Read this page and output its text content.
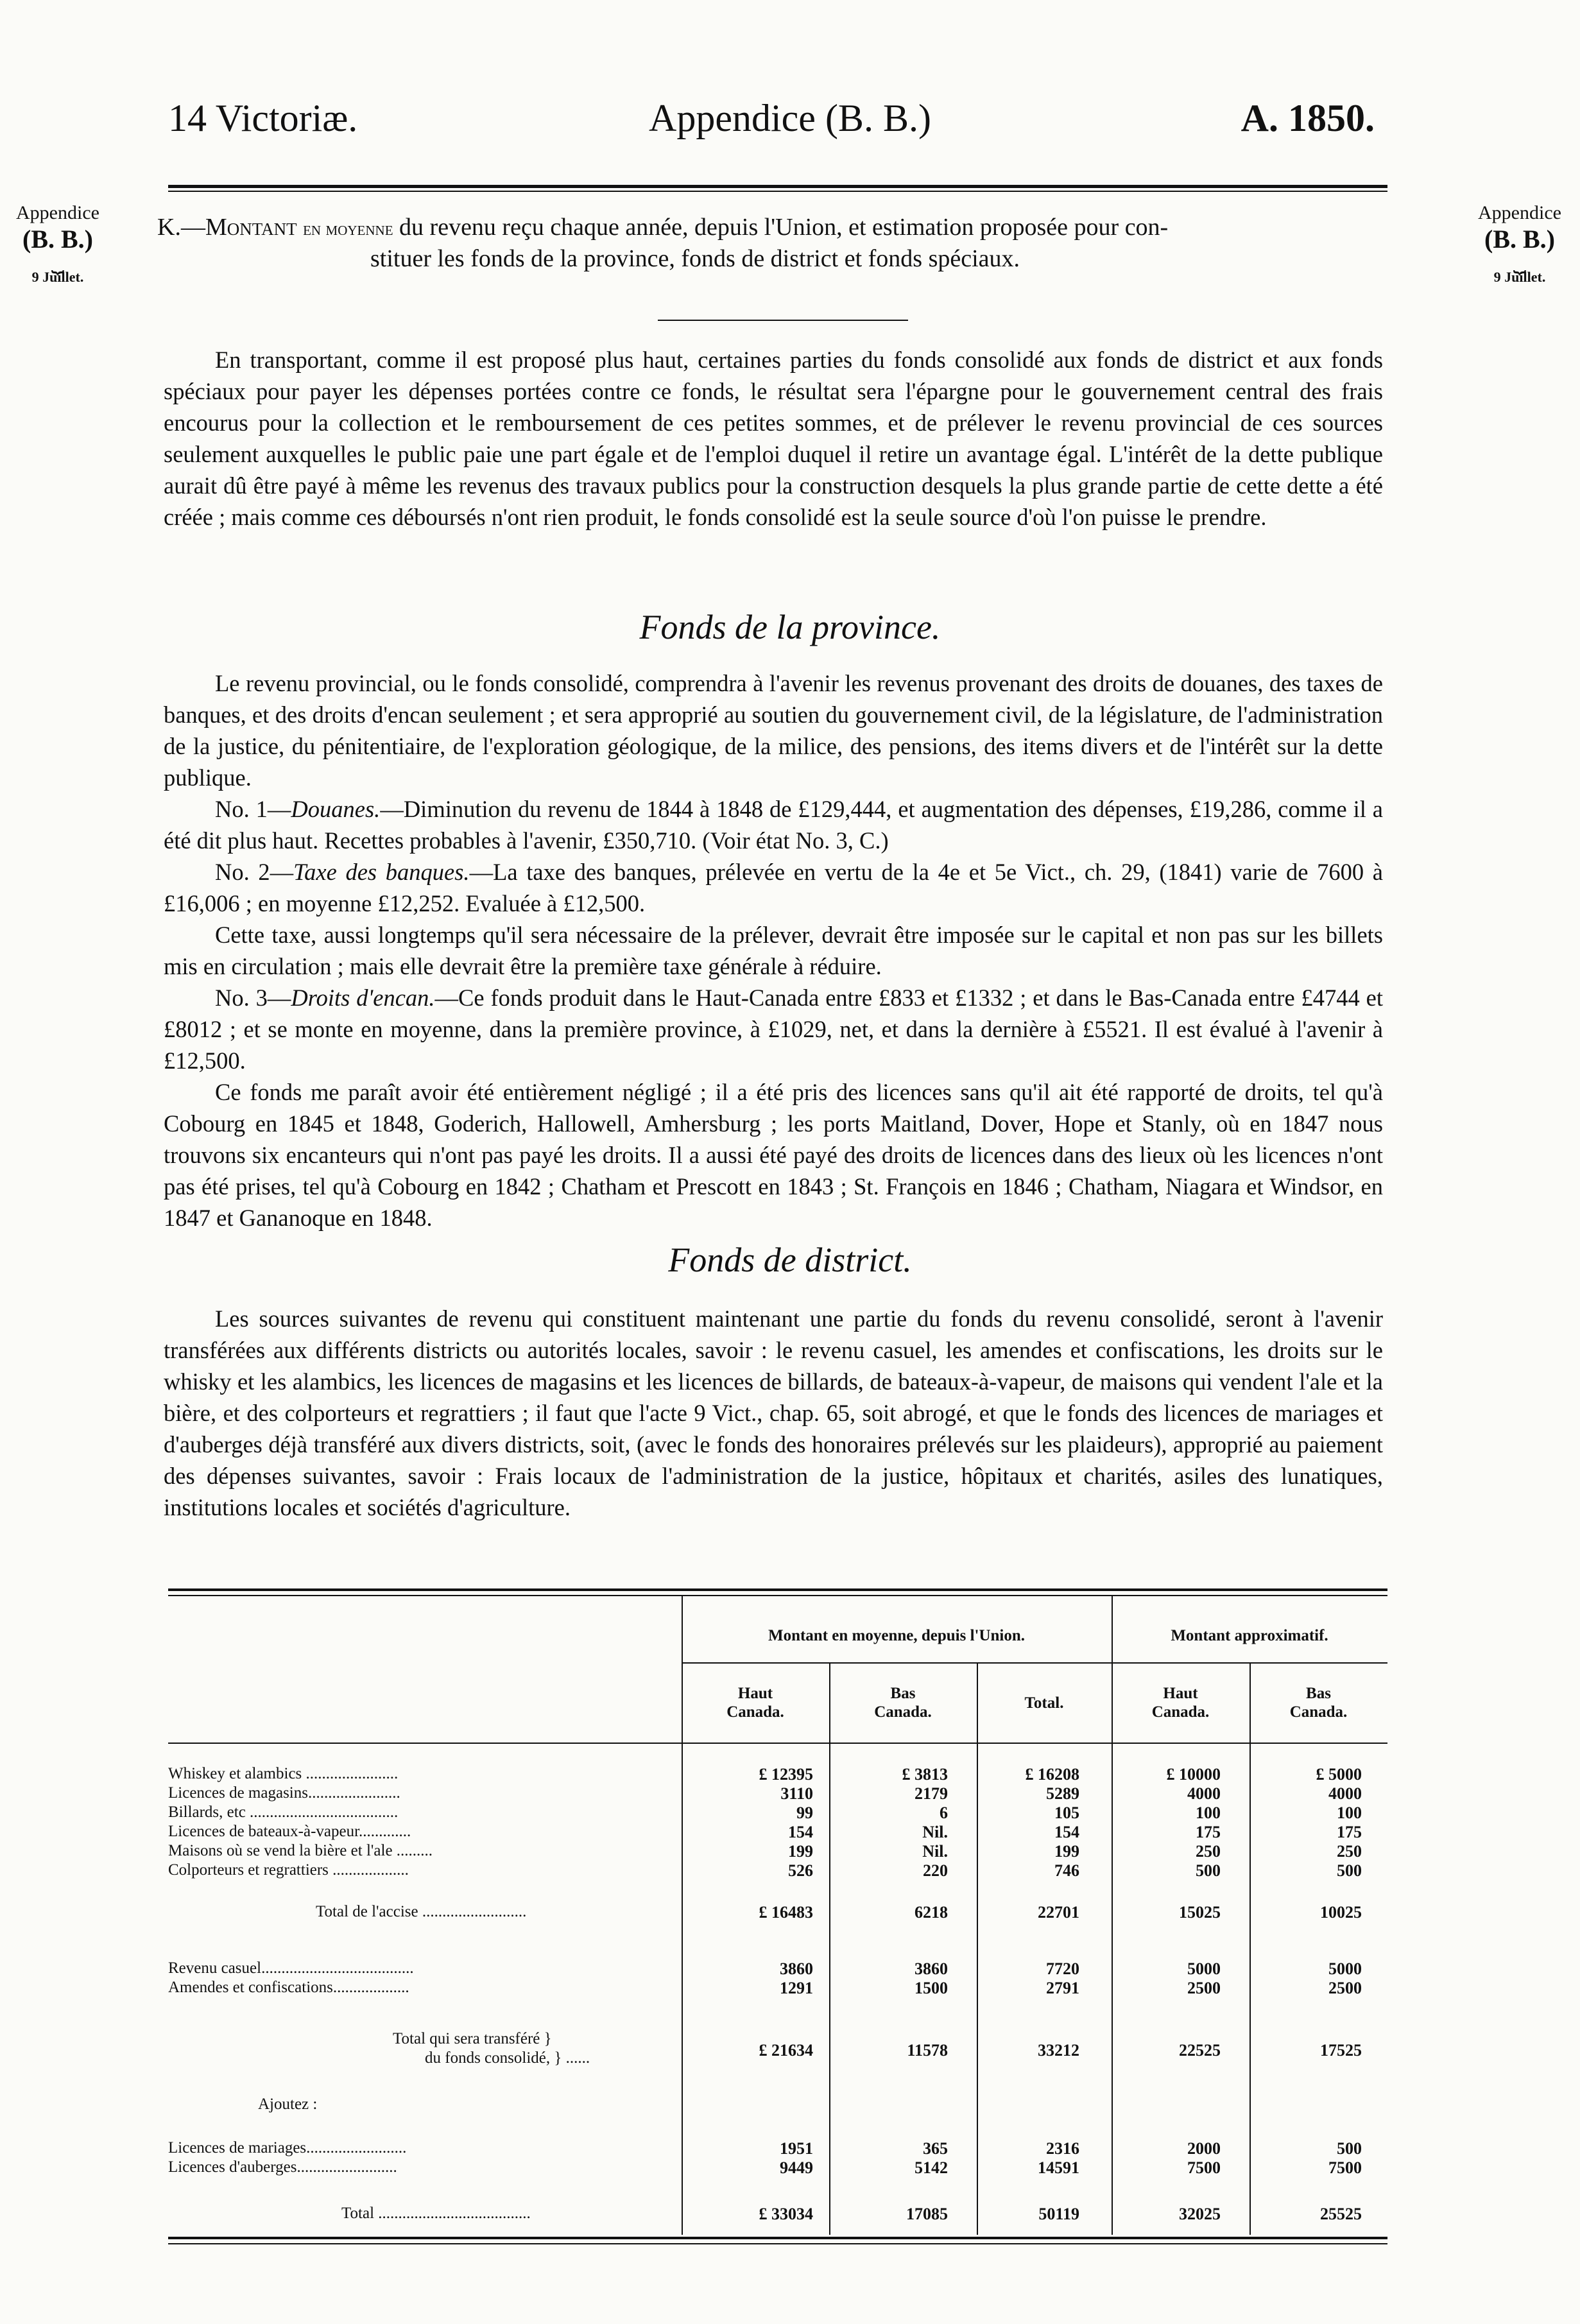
14 Victoriæ.	Appendice (B. B.)	A. 1850.
Appendice
(B. B.)
⏟
9 Juillet.
Appendice
(B. B.)
⏟
9 Juillet.
K.—Montant en moyenne du revenu reçu chaque année, depuis l'Union, et estimation proposée pour con-
stituer les fonds de la province, fonds de district et fonds spéciaux.

En transportant, comme il est proposé plus haut, certaines parties du fonds consolidé aux fonds de district et aux fonds spéciaux pour payer les dépenses portées contre ce fonds, le résultat sera l'épargne pour le gouvernement central des frais encourus pour la collection et le remboursement de ces petites sommes, et de prélever le revenu provincial de ces sources seulement auxquelles le public paie une part égale et de l'emploi duquel il retire un avantage égal. L'intérêt de la dette publique aurait dû être payé à même les revenus des travaux publics pour la construction desquels la plus grande partie de cette dette a été créée ; mais comme ces déboursés n'ont rien produit, le fonds consolidé est la seule source d'où l'on puisse le prendre.

Fonds de la province.

Le revenu provincial, ou le fonds consolidé, comprendra à l'avenir les revenus provenant des droits de douanes, des taxes de banques, et des droits d'encan seulement ; et sera approprié au soutien du gouvernement civil, de la législature, de l'administration de la justice, du pénitentiaire, de l'exploration géologique, de la milice, des pensions, des items divers et de l'intérêt sur la dette publique.

No. 1—Douanes.—Diminution du revenu de 1844 à 1848 de £129,444, et augmentation des dépenses, £19,286, comme il a été dit plus haut. Recettes probables à l'avenir, £350,710. (Voir état No. 3, C.)

No. 2—Taxe des banques.—La taxe des banques, prélevée en vertu de la 4e et 5e Vict., ch. 29, (1841) varie de 7600 à £16,006 ; en moyenne £12,252. Evaluée à £12,500.

Cette taxe, aussi longtemps qu'il sera nécessaire de la prélever, devrait être imposée sur le capital et non pas sur les billets mis en circulation ; mais elle devrait être la première taxe générale à réduire.

No. 3—Droits d'encan.—Ce fonds produit dans le Haut-Canada entre £833 et £1332 ; et dans le Bas-Canada entre £4744 et £8012 ; et se monte en moyenne, dans la première province, à £1029, net, et dans la dernière à £5521. Il est évalué à l'avenir à £12,500.

Ce fonds me paraît avoir été entièrement négligé ; il a été pris des licences sans qu'il ait été rapporté de droits, tel qu'à Cobourg en 1845 et 1848, Goderich, Hallowell, Amhersburg ; les ports Maitland, Dover, Hope et Stanly, où en 1847 nous trouvons six encanteurs qui n'ont pas payé les droits. Il a aussi été payé des droits de licences dans des lieux où les licences n'ont pas été prises, tel qu'à Cobourg en 1842 ; Chatham et Prescott en 1843 ; St. François en 1846 ; Chatham, Niagara et Windsor, en 1847 et Gananoque en 1848.

Fonds de district.

Les sources suivantes de revenu qui constituent maintenant une partie du fonds du revenu consolidé, seront à l'avenir transférées aux différents districts ou autorités locales, savoir : le revenu casuel, les amendes et confiscations, les droits sur le whisky et les alambics, les licences de magasins et les licences de billards, de bateaux-à-vapeur, de maisons qui vendent l'ale et la bière, et des colporteurs et regrattiers ; il faut que l'acte 9 Vict., chap. 65, soit abrogé, et que le fonds des licences de mariages et d'auberges déjà transféré aux divers districts, soit, (avec le fonds des honoraires prélevés sur les plaideurs), approprié au paiement des dépenses suivantes, savoir : Frais locaux de l'administration de la justice, hôpitaux et charités, asiles des lunatiques, institutions locales et sociétés d'agriculture.

Montant en moyenne, depuis l'Union.	Montant approximatif.
Haut
Canada.
Bas
Canada.
Total.
Haut
Canada.
Bas
Canada.
Whiskey et alambics .......................	£ 12395	£ 3813	£ 16208	£ 10000	£ 5000
Licences de magasins.......................	3110	2179	5289	4000	4000
Billards, etc .....................................	99	6	105	100	100
Licences de bateaux-à-vapeur.............	154	Nil.	154	175	175
Maisons où se vend la bière et l'ale .........	199	Nil.	199	250	250
Colporteurs et regrattiers ...................	526	220	746	500	500
Total de l'accise ..........................	£ 16483	6218	22701	15025	10025
Revenu casuel......................................	3860	3860	7720	5000	5000
Amendes et confiscations...................	1291	1500	2791	2500	2500
Total qui sera transféré }
du fonds consolidé, } ......	£ 21634	11578	33212	22525	17525
Ajoutez :
Licences de mariages.........................	1951	365	2316	2000	500
Licences d'auberges.........................	9449	5142	14591	7500	7500
Total ......................................	£ 33034	17085	50119	32025	25525
